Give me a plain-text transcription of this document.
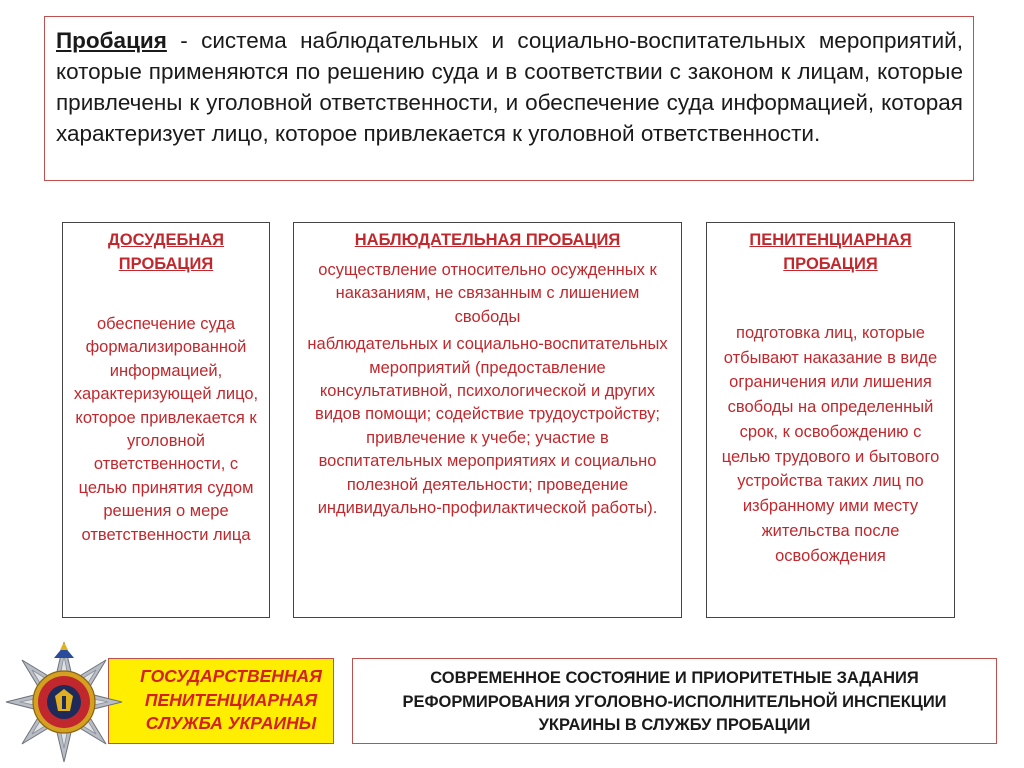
Пробация - система наблюдательных и социально-воспитательных мероприятий, которые применяются по решению суда и в соответствии с законом к лицам, которые привлечены к уголовной ответственности, и обеспечение суда информацией, которая характеризует лицо, которое привлекается к уголовной ответственности.
ДОСУДЕБНАЯ
ПРОБАЦИЯ
обеспечение суда формализированной информацией, характеризующей лицо, которое привлекается к уголовной ответственности, с целью принятия судом решения о мере ответственности лица
НАБЛЮДАТЕЛЬНАЯ ПРОБАЦИЯ
осуществление относительно осужденных к наказаниям, не связанным с лишением свободы
наблюдательных и социально-воспитательных мероприятий (предоставление консультативной, психологической и других видов помощи; содействие трудоустройству; привлечение к учебе; участие в воспитательных мероприятиях и социально полезной деятельности; проведение индивидуально-профилактической работы).
ПЕНИТЕНЦИАРНАЯ
ПРОБАЦИЯ
подготовка лиц, которые отбывают наказание в виде ограничения или лишения свободы на определенный срок, к освобождению с целью трудового и бытового устройства таких лиц по избранному ими месту жительства после освобождения
ГОСУДАРСТВЕННАЯ
ПЕНИТЕНЦИАРНАЯ
СЛУЖБА УКРАИНЫ
СОВРЕМЕННОЕ СОСТОЯНИЕ И ПРИОРИТЕТНЫЕ ЗАДАНИЯ
РЕФОРМИРОВАНИЯ УГОЛОВНО-ИСПОЛНИТЕЛЬНОЙ ИНСПЕКЦИИ
УКРАИНЫ В СЛУЖБУ ПРОБАЦИИ
